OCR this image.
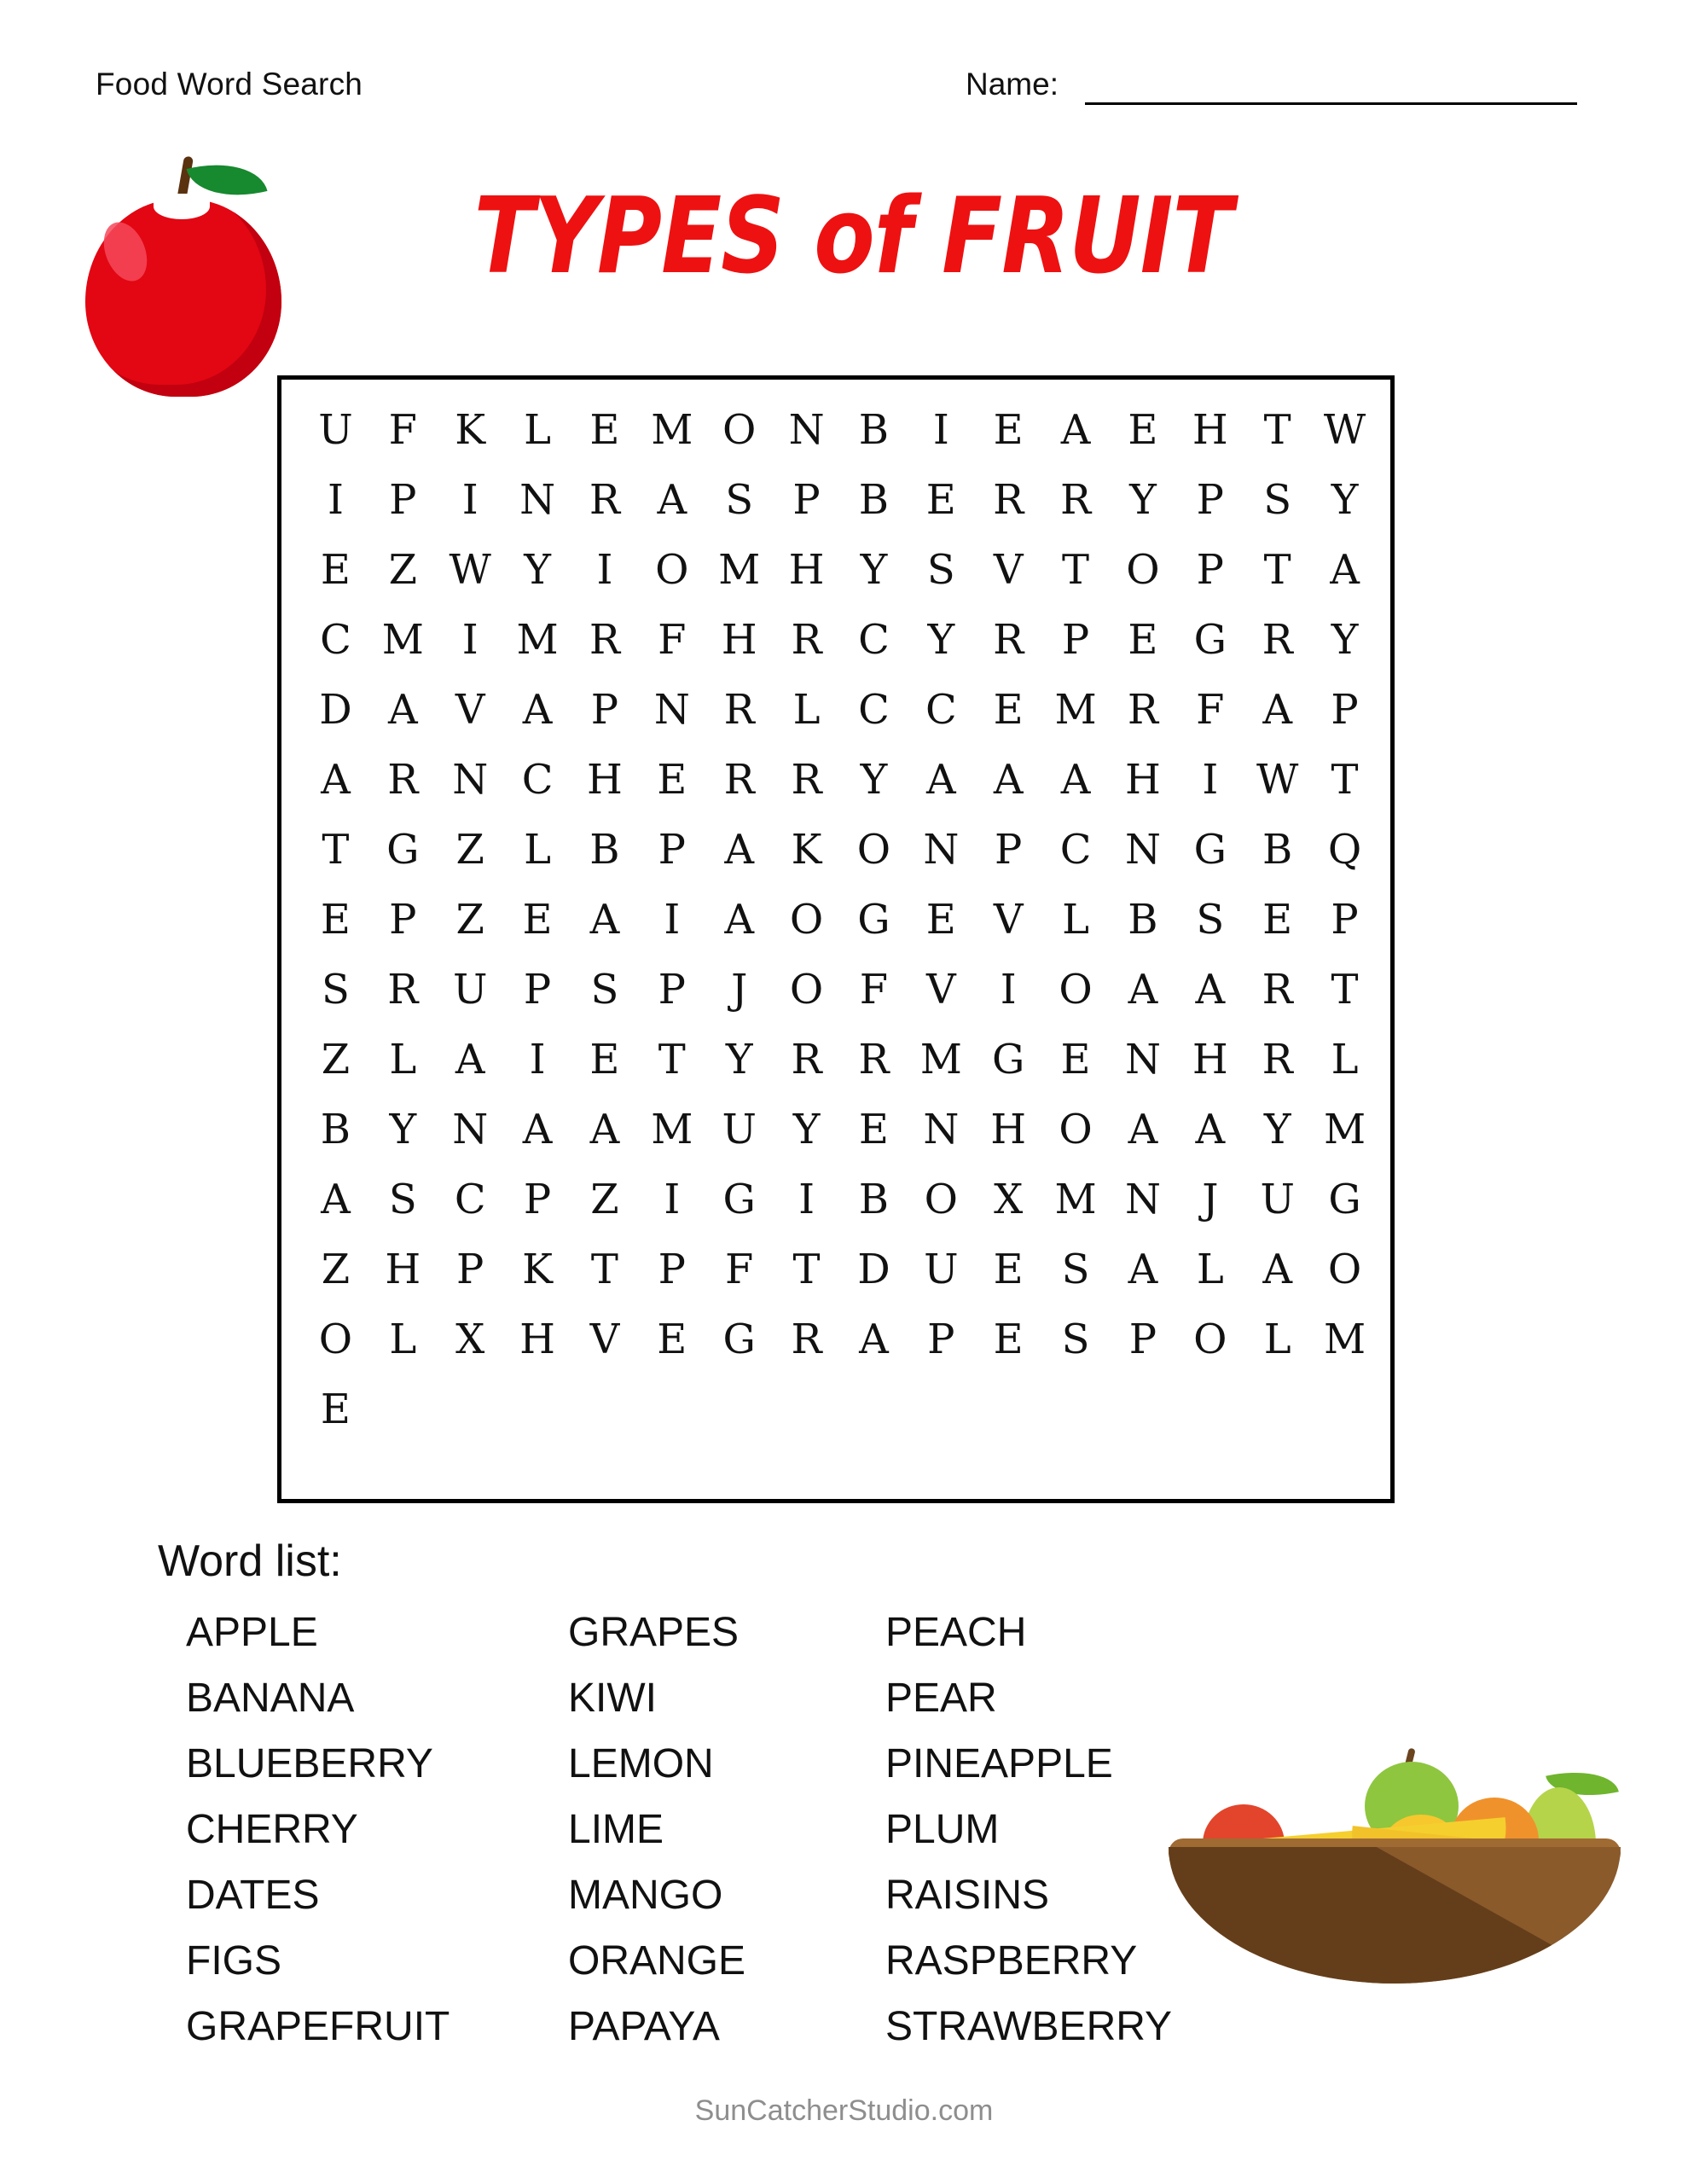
Food Word Search	Name:
TYPES of FRUIT
U F K L E M O N B	I	E A E H T W
I	P	I	N R A S P B E R R Y P S Y
E Z W Y	I	O M H Y S V T O P T A
C M I M R F H R C Y R P E G R Y
D A V A P N R L C C E M R F A P
A R N C H E R R Y A A A H	I W T
T G Z L B P A K O N P C N G B Q
E P Z E A	I	A O G E V L B S E P
S R U P S P	J	O F V	I	O A A R T
Z L A	I	E T Y R R M G E N H R L
B Y N A A M U Y E N H O A A Y M
A S C P Z	I	G	I	B O X M N	J	U G
Z H P K T P F T D U E S A L A O
O L X H V E G R A P E S P O L M
E
Word list:
APPLE
BANANA
BLUEBERRY
CHERRY
DATES
FIGS
GRAPEFRUIT
GRAPES
KIWI
LEMON
LIME
MANGO
ORANGE
PAPAYA
PEACH
PEAR
PINEAPPLE
PLUM
RAISINS
RASPBERRY
STRAWBERRY
SunCatcherStudio.com
